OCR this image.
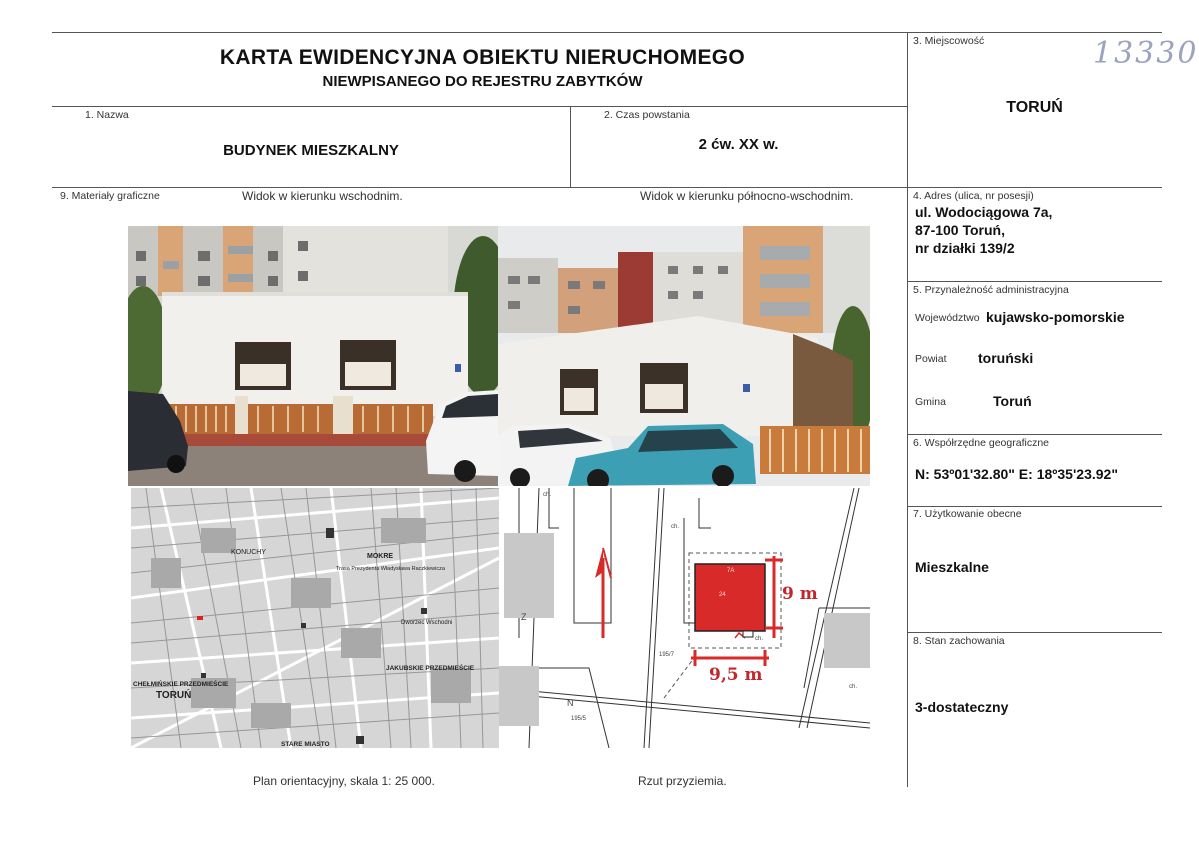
KARTA EWIDENCYJNA OBIEKTU NIERUCHOMEGO
NIEWPISANEGO DO REJESTRU ZABYTKÓW
13330
1. Nazwa
BUDYNEK MIESZKALNY
2. Czas powstania
2 ćw. XX w.
3. Miejscowość
TORUŃ
4. Adres (ulica, nr posesji)
ul. Wodociągowa 7a,
87-100 Toruń,
nr działki 139/2
5. Przynależność administracyjna
Województwo kujawsko-pomorskie
Powiat toruński
Gmina	Toruń
6. Współrzędne geograficzne
N: 53º01'32.80" E: 18º35'23.92"
7. Użytkowanie obecne
Mieszkalne
8. Stan zachowania
3-dostateczny
9. Materiały graficzne	Widok w kierunku wschodnim.	Widok w kierunku północno-wschodnim.
Plan orientacyjny, skala 1: 25 000.	Rzut przyziemia.
KONUCHY
MOKRE
Trasa Prezydenta Władysława Raczkiewicza
Dworzec Wschodni
CHEŁMIŃSKIE PRZEDMIEŚCIE
JAKUBSKIE PRZEDMIEŚCIE
TORUŃ
STARE MIASTO
9 m
9,5 m
ch.
ch.
ch.
ch.
7A
24
195/7
195/5
Z
N
